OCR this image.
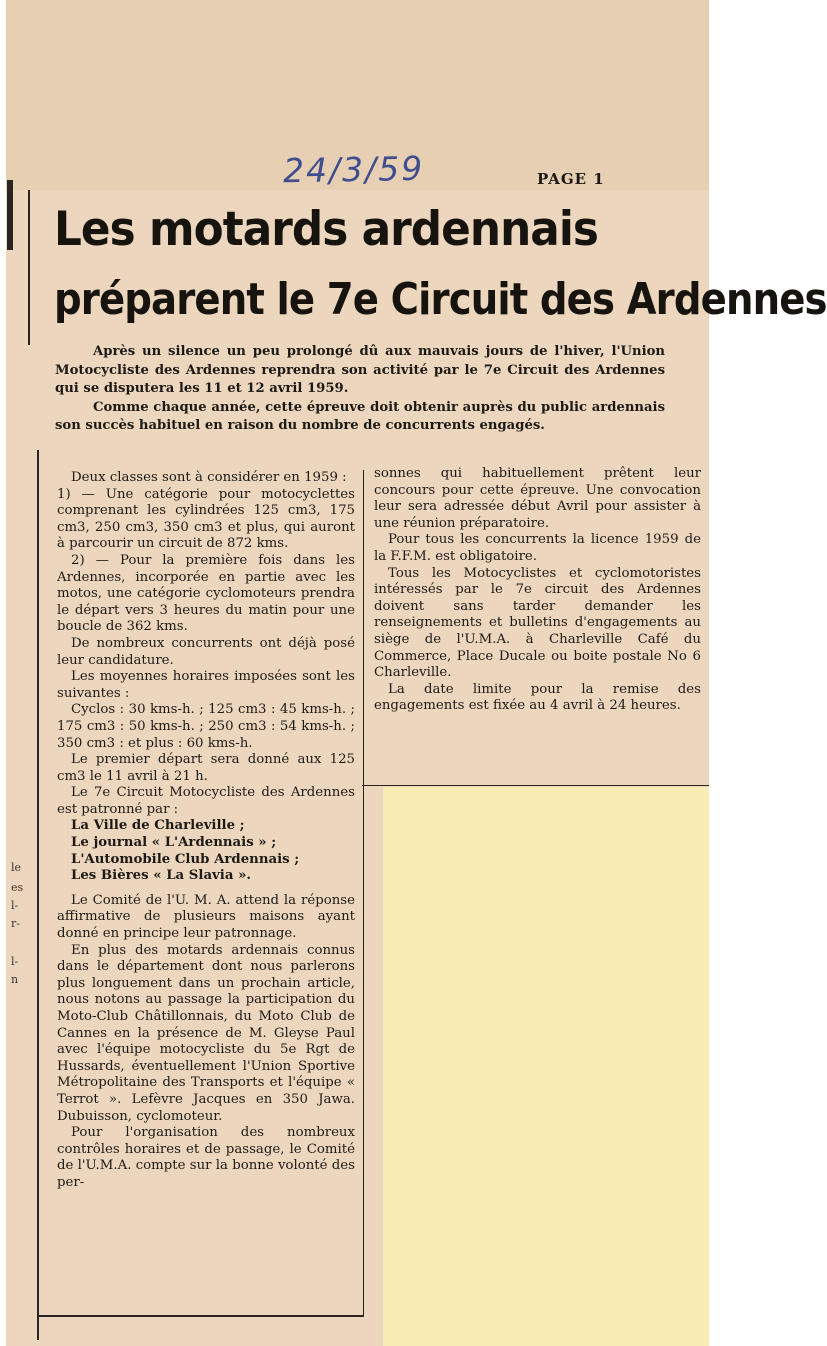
24/3/59	PAGE 1
Les motards ardennais
préparent le 7e Circuit des Ardennes

Après un silence un peu prolongé dû aux mauvais jours de l'hiver, l'Union Motocycliste des Ardennes reprendra son activité par le 7e Circuit des Ardennes qui se disputera les 11 et 12 avril 1959.

Comme chaque année, cette épreuve doit obtenir auprès du public ardennais son succès habituel en raison du nombre de concurrents engagés.

Deux classes sont à considérer en 1959 :

1) — Une catégorie pour motocyclettes comprenant les cylindrées 125 cm3, 175 cm3, 250 cm3, 350 cm3 et plus, qui auront à parcourir un circuit de 872 kms.

2) — Pour la première fois dans les Ardennes, incorporée en partie avec les motos, une catégorie cyclomoteurs prendra le départ vers 3 heures du matin pour une boucle de 362 kms.

De nombreux concurrents ont déjà posé leur candidature.

Les moyennes horaires imposées sont les suivantes :

Cyclos : 30 kms-h. ; 125 cm3 : 45 kms-h. ; 175 cm3 : 50 kms-h. ; 250 cm3 : 54 kms-h. ; 350 cm3 : et plus : 60 kms-h.

Le premier départ sera donné aux 125 cm3 le 11 avril à 21 h.

Le 7e Circuit Motocycliste des Ardennes est patronné par :

La Ville de Charleville ;

Le journal « L'Ardennais » ;

L'Automobile Club Ardennais ;

Les Bières « La Slavia ».

Le Comité de l'U. M. A. attend la réponse affirmative de plusieurs maisons ayant donné en principe leur patronnage.

En plus des motards ardennais connus dans le département dont nous parlerons plus longuement dans un prochain article, nous notons au passage la participation du Moto-Club Châtillonnais, du Moto Club de Cannes en la présence de M. Gleyse Paul avec l'équipe motocycliste du 5e Rgt de Hussards, éventuellement l'Union Sportive Métropolitaine des Transports et l'équipe « Terrot ». Lefèvre Jacques en 350 Jawa. Dubuisson, cyclomoteur.

Pour l'organisation des nombreux contrôles horaires et de passage, le Comité de l'U.M.A. compte sur la bonne volonté des per-

sonnes qui habituellement prêtent leur concours pour cette épreuve. Une convocation leur sera adressée début Avril pour assister à une réunion préparatoire.

Pour tous les concurrents la licence 1959 de la F.F.M. est obligatoire.

Tous les Motocyclistes et cyclomotoristes intéressés par le 7e circuit des Ardennes doivent sans tarder demander les renseignements et bulletins d'engagements au siège de l'U.M.A. à Charleville Café du Commerce, Place Ducale ou boite postale No 6 Charleville.

La date limite pour la remise des engagements est fixée au 4 avril à 24 heures.

le
es
l-
r-
l-
n
